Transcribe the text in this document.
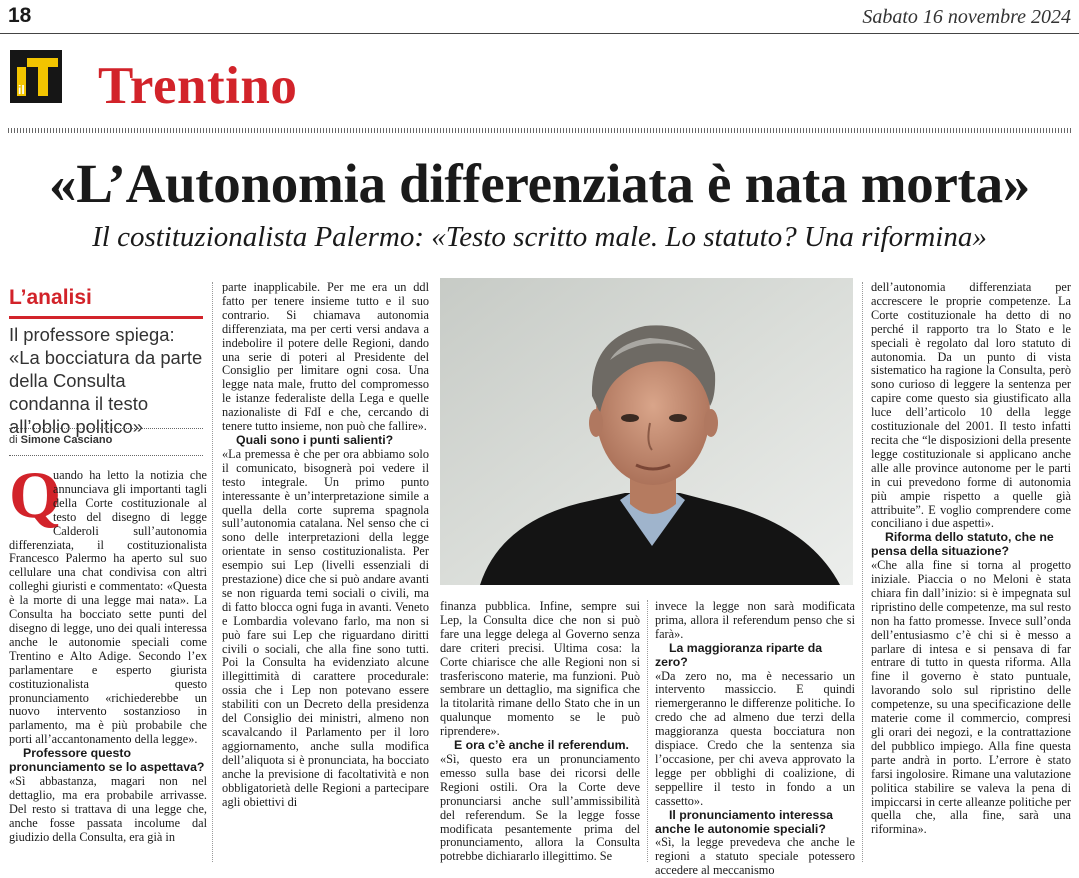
18	Sabato 16 novembre 2024
il Trentino
«L’Autonomia differenziata è nata morta»
Il costituzionalista Palermo: «Testo scritto male. Lo statuto? Una riformina»
L’analisi
Il professore spiega: «La bocciatura da parte della Consulta condanna il testo all’oblio politico»
di Simone Casciano
Q

uando ha letto la notizia che annunciava gli importanti tagli della Corte costituzionale al testo del disegno di legge Calderoli sull’autonomia differenziata, il costituzionalista Francesco Palermo ha aperto sul suo cellulare una chat condivisa con altri colleghi giuristi e commentato: «Questa è la morte di una legge mai nata». La Consulta ha bocciato sette punti del disegno di legge, uno dei quali interessa anche le autonomie speciali come Trentino e Alto Adige. Secondo l’ex parlamentare e esperto giurista costituzionalista questo pronunciamento «richiederebbe un nuovo intervento sostanzioso in parlamento, ma è più probabile che porti all’accantonamento della legge».

Professore questo pronunciamento se lo aspettava?

«Sì abbastanza, magari non nel dettaglio, ma era probabile arrivasse. Del resto si trattava di una legge che, anche fosse passata incolume dal giudizio della Consulta, era già in

parte inapplicabile. Per me era un ddl fatto per tenere insieme tutto e il suo contrario. Si chiamava autonomia differenziata, ma per certi versi andava a indebolire il potere delle Regioni, dando una serie di poteri al Presidente del Consiglio per limitare ogni cosa. Una legge nata male, frutto del compromesso le istanze federaliste della Lega e quelle nazionaliste di FdI e che, cercando di tenere tutto insieme, non può che fallire».

Quali sono i punti salienti?

«La premessa è che per ora abbiamo solo il comunicato, bisognerà poi vedere il testo integrale. Un primo punto interessante è un’interpretazione simile a quella della corte suprema spagnola sull’autonomia catalana. Nel senso che ci sono delle interpretazioni della legge orientate in senso costituzionalista. Per esempio sui Lep (livelli essenziali di prestazione) dice che si può andare avanti se non riguarda temi sociali o civili, ma di fatto blocca ogni fuga in avanti. Veneto e Lombardia volevano farlo, ma non si può fare sui Lep che riguardano diritti civili o sociali, che alla fine sono tutti. Poi la Consulta ha evidenziato alcune illegittimità di carattere procedurale: ossia che i Lep non potevano essere stabiliti con un Decreto della presidenza del Consiglio dei ministri, almeno non scavalcando il Parlamento per il loro aggiornamento, anche sulla modifica dell’aliquota si è pronunciata, ha bocciato anche la previsione di facoltatività e non obbligatorietà delle Regioni a partecipare agli obiettivi di

finanza pubblica. Infine, sempre sui Lep, la Consulta dice che non si può fare una legge delega al Governo senza dare criteri precisi. Ultima cosa: la Corte chiarisce che alle Regioni non si trasferiscono materie, ma funzioni. Può sembrare un dettaglio, ma significa che la titolarità rimane dello Stato che in un qualunque momento se le può riprendere».

E ora c’è anche il referendum.

«Sì, questo era un pronunciamento emesso sulla base dei ricorsi delle Regioni ostili. Ora la Corte deve pronunciarsi anche sull’ammissibilità del referendum. Se la legge fosse modificata pesantemente prima del pronunciamento, allora la Consulta potrebbe dichiararlo illegittimo. Se

invece la legge non sarà modificata prima, allora il referendum penso che si farà».

La maggioranza riparte da zero?

«Da zero no, ma è necessario un intervento massiccio. E quindi riemergeranno le differenze politiche. Io credo che ad almeno due terzi della maggioranza questa bocciatura non dispiace. Credo che la sentenza sia l’occasione, per chi aveva approvato la legge per obblighi di coalizione, di seppellire il testo in fondo a un cassetto».

Il pronunciamento interessa anche le autonomie speciali?

«Sì, la legge prevedeva che anche le regioni a statuto speciale potessero accedere al meccanismo

dell’autonomia differenziata per accrescere le proprie competenze. La Corte costituzionale ha detto di no perché il rapporto tra lo Stato e le speciali è regolato dal loro statuto di autonomia. Da un punto di vista sistematico ha ragione la Consulta, però sono curioso di leggere la sentenza per capire come questo sia giustificato alla luce dell’articolo 10 della legge costituzionale del 2001. Il testo infatti recita che “le disposizioni della presente legge costituzionale si applicano anche alle alle province autonome per le parti in cui prevedono forme di autonomia più ampie rispetto a quelle già attribuite”. E voglio comprendere come conciliano i due aspetti».

Riforma dello statuto, che ne pensa della situazione?

«Che alla fine si torna al progetto iniziale. Piaccia o no Meloni è stata chiara fin dall’inizio: si è impegnata sul ripristino delle competenze, ma sul resto non ha fatto promesse. Invece sull’onda dell’entusiasmo c’è chi si è messo a parlare di intesa e si pensava di far entrare di tutto in questa riforma. Alla fine il governo è stato puntuale, lavorando solo sul ripristino delle competenze, su una specificazione delle materie come il commercio, compresi gli orari dei negozi, e la contrattazione del pubblico impiego. Alla fine questa parte andrà in porto. L’errore è stato farsi ingolosire. Rimane una valutazione politica stabilire se valeva la pena di impiccarsi in certe alleanze politiche per quella che, alla fine, sarà una riformina».
